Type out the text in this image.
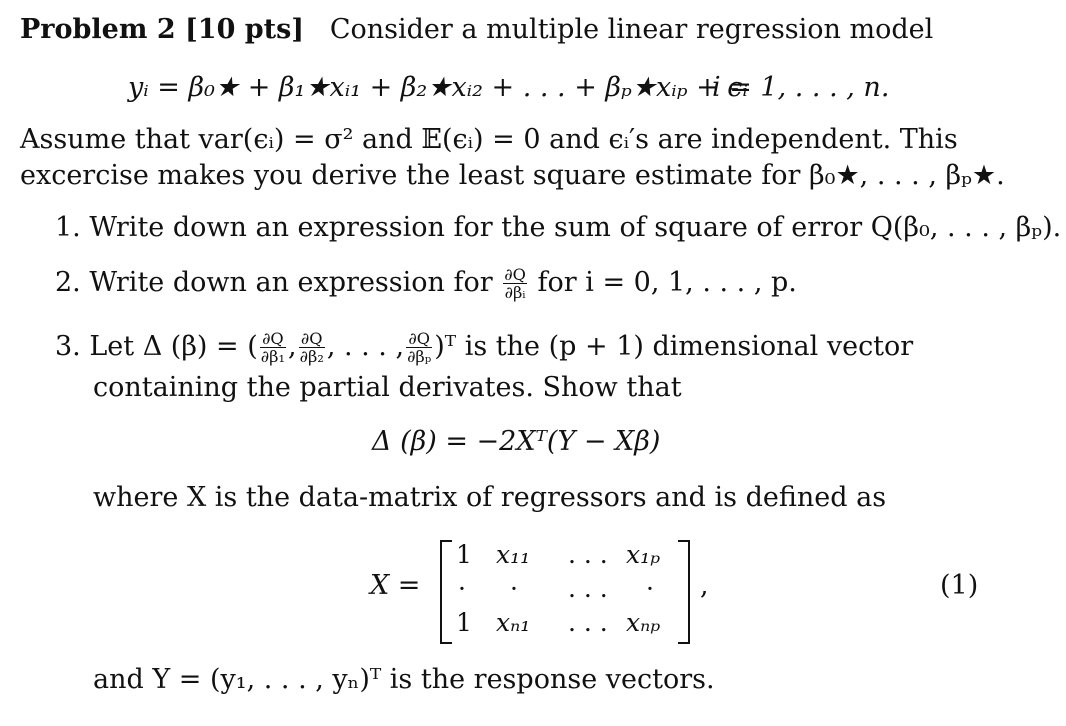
Problem 2 [10 pts] Consider a multiple linear regression model
yᵢ = β₀★ + β₁★xᵢ₁ + β₂★xᵢ₂ + . . . + βₚ★xᵢₚ + ϵᵢ
i = 1, . . . , n.
Assume that var(ϵᵢ) = σ² and 𝔼(ϵᵢ) = 0 and ϵᵢ′s are independent. This
excercise makes you derive the least square estimate for β₀★, . . . , βₚ★.
1. Write down an expression for the sum of square of error Q(β₀, . . . , βₚ).
2. Write down an expression for $\frac{\partial Q}{\text{∂βᵢ}}$ for i = 0, 1, . . . , p.
3. Let Δ (β) = ( $\frac{\partial Q}{\text{∂β₁}}$ , $\frac{\partial Q}{\text{∂β₂}}$ , . . . , $\frac{\partial Q}{\text{∂βₚ}}$ )ᵀ is the (p + 1) dimensional vector
containing the partial derivates. Show that
Δ (β) = −2Xᵀ(Y − Xβ)
where X is the data-matrix of regressors and is defined as
X =
1 x₁₁ . . . x₁ₚ
· · . . . ·
1 xₙ₁ . . . xₙₚ
,	(1)
and Y = (y₁, . . . , yₙ)ᵀ is the response vectors.
